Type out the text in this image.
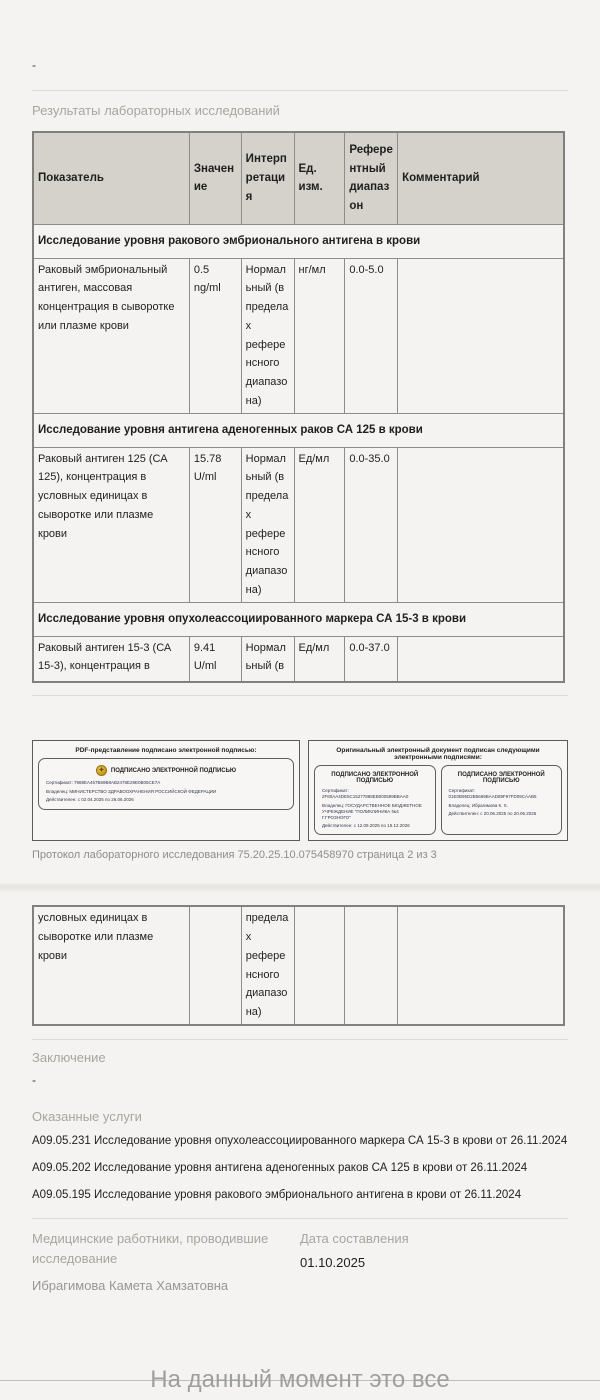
-
Результаты лабораторных исследований
Показатель	Значение	Интерпретация	Ед. изм.	Референтный диапазон	Комментарий
Исследование уровня ракового эмбрионального антигена в крови					
Раковый эмбриональный антиген, массовая концентрация в сыворотке или плазме крови	0.5 ng/ml	Нормальный (в пределах референсного диапазона)	нг/мл	0.0-5.0	
Исследование уровня антигена аденогенных раков СА 125 в крови					
Раковый антиген 125 (СА 125), концентрация в условных единицах в сыворотке или плазме крови	15.78 U/ml	Нормальный (в пределах референсного диапазона)	Ед/мл	0.0-35.0	
Исследование уровня опухолеассоциированного маркера СА 15-3 в крови					
Раковый антиген 15-3 (СА 15-3), концентрация в	9.41 U/ml	Нормальный (в	Ед/мл	0.0-37.0	
PDF-представление подписано электронной подписью:
✦	ПОДПИСАНО ЭЛЕКТРОННОЙ ПОДПИСЬЮ
Сертификат: 7988EA457B69B8AB2478E29E0B05CE7A
Владелец: МИНИСТЕРСТВО ЗДРАВООХРАНЕНИЯ РОССИЙСКОЙ ФЕДЕРАЦИИ
Действителен: с 02.04.2025 по 26.06.2026
Оригинальный электронный документ подписан следующими электронными подписями:
ПОДПИСАНО ЭЛЕКТРОННОЙ ПОДПИСЬЮ
Сертификат: 2F60AA4DE5C15277888EB000599BBAA0
Владелец: ГОСУДАРСТВЕННОЕ БЮДЖЕТНОЕ УЧРЕЖДЕНИЕ "ПОЛИКЛИНИКА №4 Г.ГРОЗНОГО"
Действителен: с 12.09.2025 по 15.12.2026
ПОДПИСАНО ЭЛЕКТРОННОЙ ПОДПИСЬЮ
Сертификат: 01E0B95D2B5669BAAD89F97FD09CAAB5
Владелец: Ибрагимова К. Х.
Действителен: с 20.06.2025 по 20.06.2026
Протокол лабораторного исследования 75.20.25.10.075458970 страница 2 из 3
условных единицах в сыворотке или плазме крови		пределах референсного диапазона)			
Заключение
-
Оказанные услуги
А09.05.231 Исследование уровня опухолеассоциированного маркера СА 15-3 в крови от 26.11.2024
А09.05.202 Исследование уровня антигена аденогенных раков СА 125 в крови от 26.11.2024
А09.05.195 Исследование уровня ракового эмбрионального антигена в крови от 26.11.2024
Медицинские работники, проводившие исследование
Ибрагимова Камета Хамзатовна
Дата составления
01.10.2025
На данный момент это все
